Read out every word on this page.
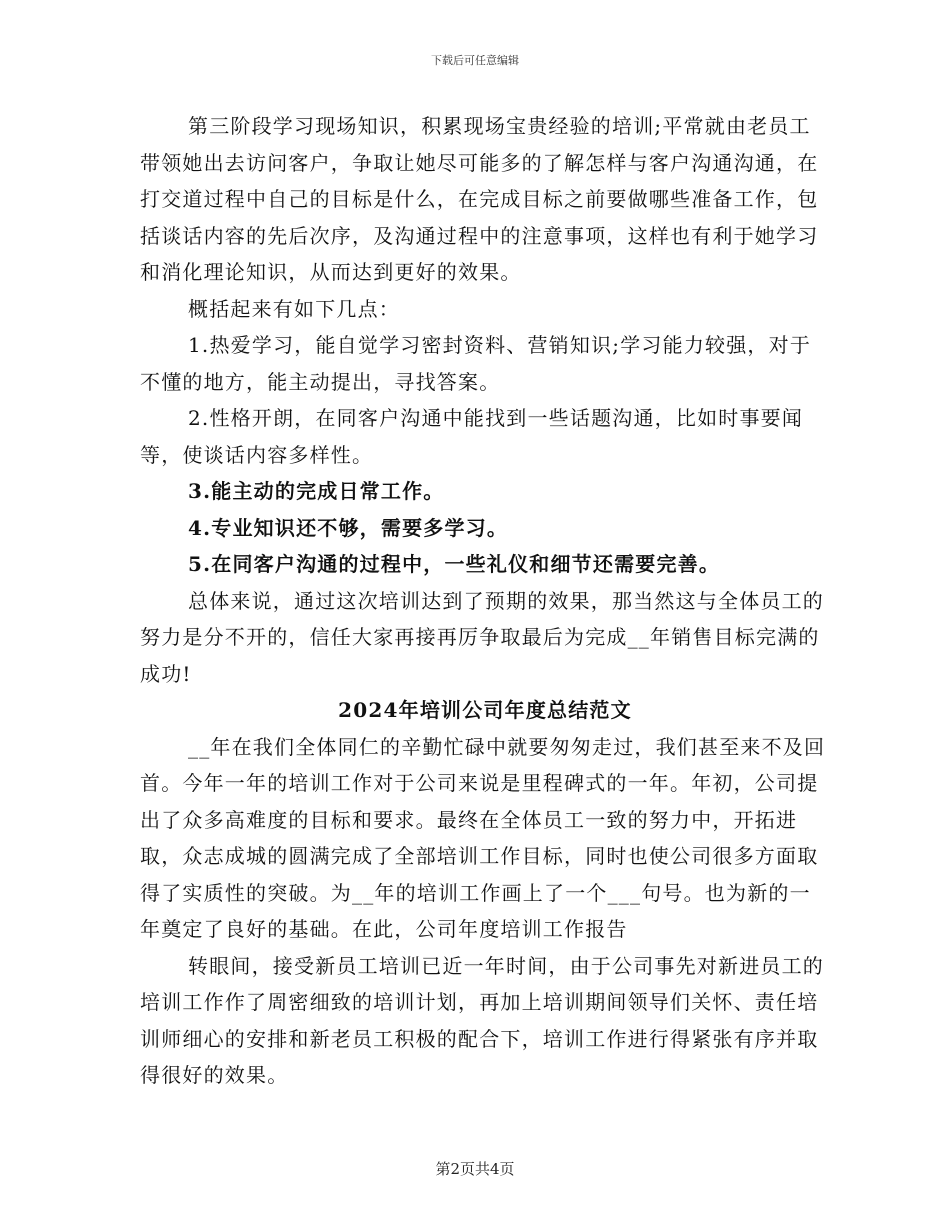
下载后可任意编辑

第三阶段学习现场知识，积累现场宝贵经验的培训;平常就由老员工带领她出去访问客户，争取让她尽可能多的了解怎样与客户沟通沟通，在打交道过程中自己的目标是什么，在完成目标之前要做哪些准备工作，包括谈话内容的先后次序，及沟通过程中的注意事项，这样也有利于她学习和消化理论知识，从而达到更好的效果。

概括起来有如下几点：

1.热爱学习，能自觉学习密封资料、营销知识;学习能力较强，对于不懂的地方，能主动提出，寻找答案。

2.性格开朗，在同客户沟通中能找到一些话题沟通，比如时事要闻等，使谈话内容多样性。

3.能主动的完成日常工作。

4.专业知识还不够，需要多学习。

5.在同客户沟通的过程中，一些礼仪和细节还需要完善。

总体来说，通过这次培训达到了预期的效果，那当然这与全体员工的努力是分不开的，信任大家再接再厉争取最后为完成__年销售目标完满的成功!

2024年培训公司年度总结范文

__年在我们全体同仁的辛勤忙碌中就要匆匆走过，我们甚至来不及回首。今年一年的培训工作对于公司来说是里程碑式的一年。年初，公司提出了众多高难度的目标和要求。最终在全体员工一致的努力中，开拓进取，众志成城的圆满完成了全部培训工作目标，同时也使公司很多方面取得了实质性的突破。为__年的培训工作画上了一个___句号。也为新的一年奠定了良好的基础。在此，公司年度培训工作报告

转眼间，接受新员工培训已近一年时间，由于公司事先对新进员工的培训工作作了周密细致的培训计划，再加上培训期间领导们关怀、责任培训师细心的安排和新老员工积极的配合下，培训工作进行得紧张有序并取得很好的效果。

第2页共4页
